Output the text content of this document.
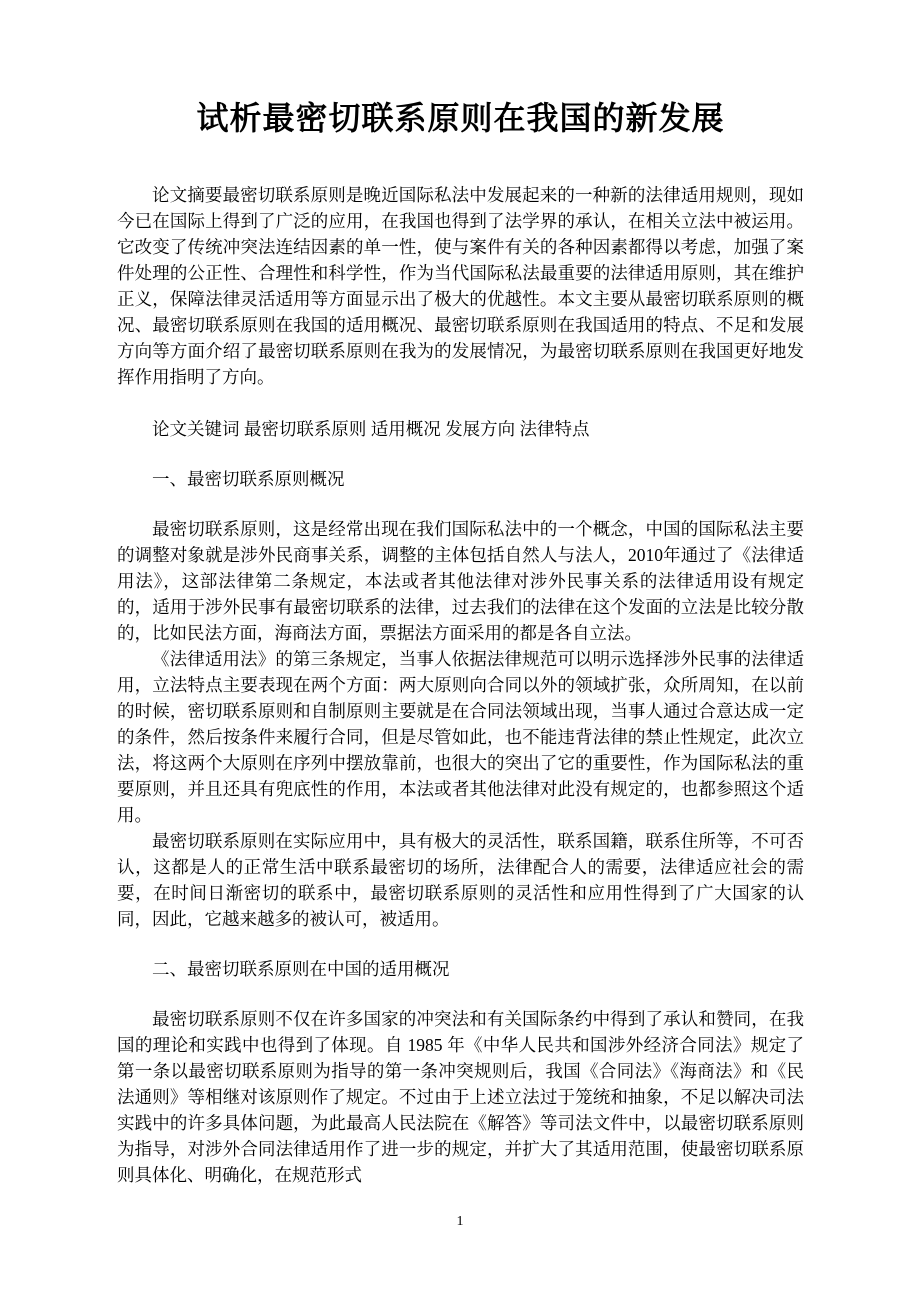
试析最密切联系原则在我国的新发展

论文摘要最密切联系原则是晚近国际私法中发展起来的一种新的法律适用规则，现如今已在国际上得到了广泛的应用，在我国也得到了法学界的承认，在相关立法中被运用。它改变了传统冲突法连结因素的单一性，使与案件有关的各种因素都得以考虑，加强了案件处理的公正性、合理性和科学性，作为当代国际私法最重要的法律适用原则，其在维护正义，保障法律灵活适用等方面显示出了极大的优越性。本文主要从最密切联系原则的概况、最密切联系原则在我国的适用概况、最密切联系原则在我国适用的特点、不足和发展方向等方面介绍了最密切联系原则在我为的发展情况，为最密切联系原则在我国更好地发挥作用指明了方向。

论文关键词 最密切联系原则 适用概况 发展方向 法律特点

一、最密切联系原则概况

最密切联系原则，这是经常出现在我们国际私法中的一个概念，中国的国际私法主要的调整对象就是涉外民商事关系，调整的主体包括自然人与法人，2010年通过了《法律适用法》，这部法律第二条规定，本法或者其他法律对涉外民事关系的法律适用设有规定的，适用于涉外民事有最密切联系的法律，过去我们的法律在这个发面的立法是比较分散的，比如民法方面，海商法方面，票据法方面采用的都是各自立法。

《法律适用法》的第三条规定，当事人依据法律规范可以明示选择涉外民事的法律适用，立法特点主要表现在两个方面：两大原则向合同以外的领域扩张，众所周知，在以前的时候，密切联系原则和自制原则主要就是在合同法领域出现，当事人通过合意达成一定的条件，然后按条件来履行合同，但是尽管如此，也不能违背法律的禁止性规定，此次立法，将这两个大原则在序列中摆放靠前，也很大的突出了它的重要性，作为国际私法的重要原则，并且还具有兜底性的作用，本法或者其他法律对此没有规定的，也都参照这个适用。

最密切联系原则在实际应用中，具有极大的灵活性，联系国籍，联系住所等，不可否认，这都是人的正常生活中联系最密切的场所，法律配合人的需要，法律适应社会的需要，在时间日渐密切的联系中，最密切联系原则的灵活性和应用性得到了广大国家的认同，因此，它越来越多的被认可，被适用。

二、最密切联系原则在中国的适用概况

最密切联系原则不仅在许多国家的冲突法和有关国际条约中得到了承认和赞同，在我国的理论和实践中也得到了体现。自 1985 年《中华人民共和国涉外经济合同法》规定了第一条以最密切联系原则为指导的第一条冲突规则后，我国《合同法》《海商法》和《民法通则》等相继对该原则作了规定。不过由于上述立法过于笼统和抽象，不足以解决司法实践中的许多具体问题，为此最高人民法院在《解答》等司法文件中，以最密切联系原则为指导，对涉外合同法律适用作了进一步的规定，并扩大了其适用范围，使最密切联系原则具体化、明确化，在规范形式

1
